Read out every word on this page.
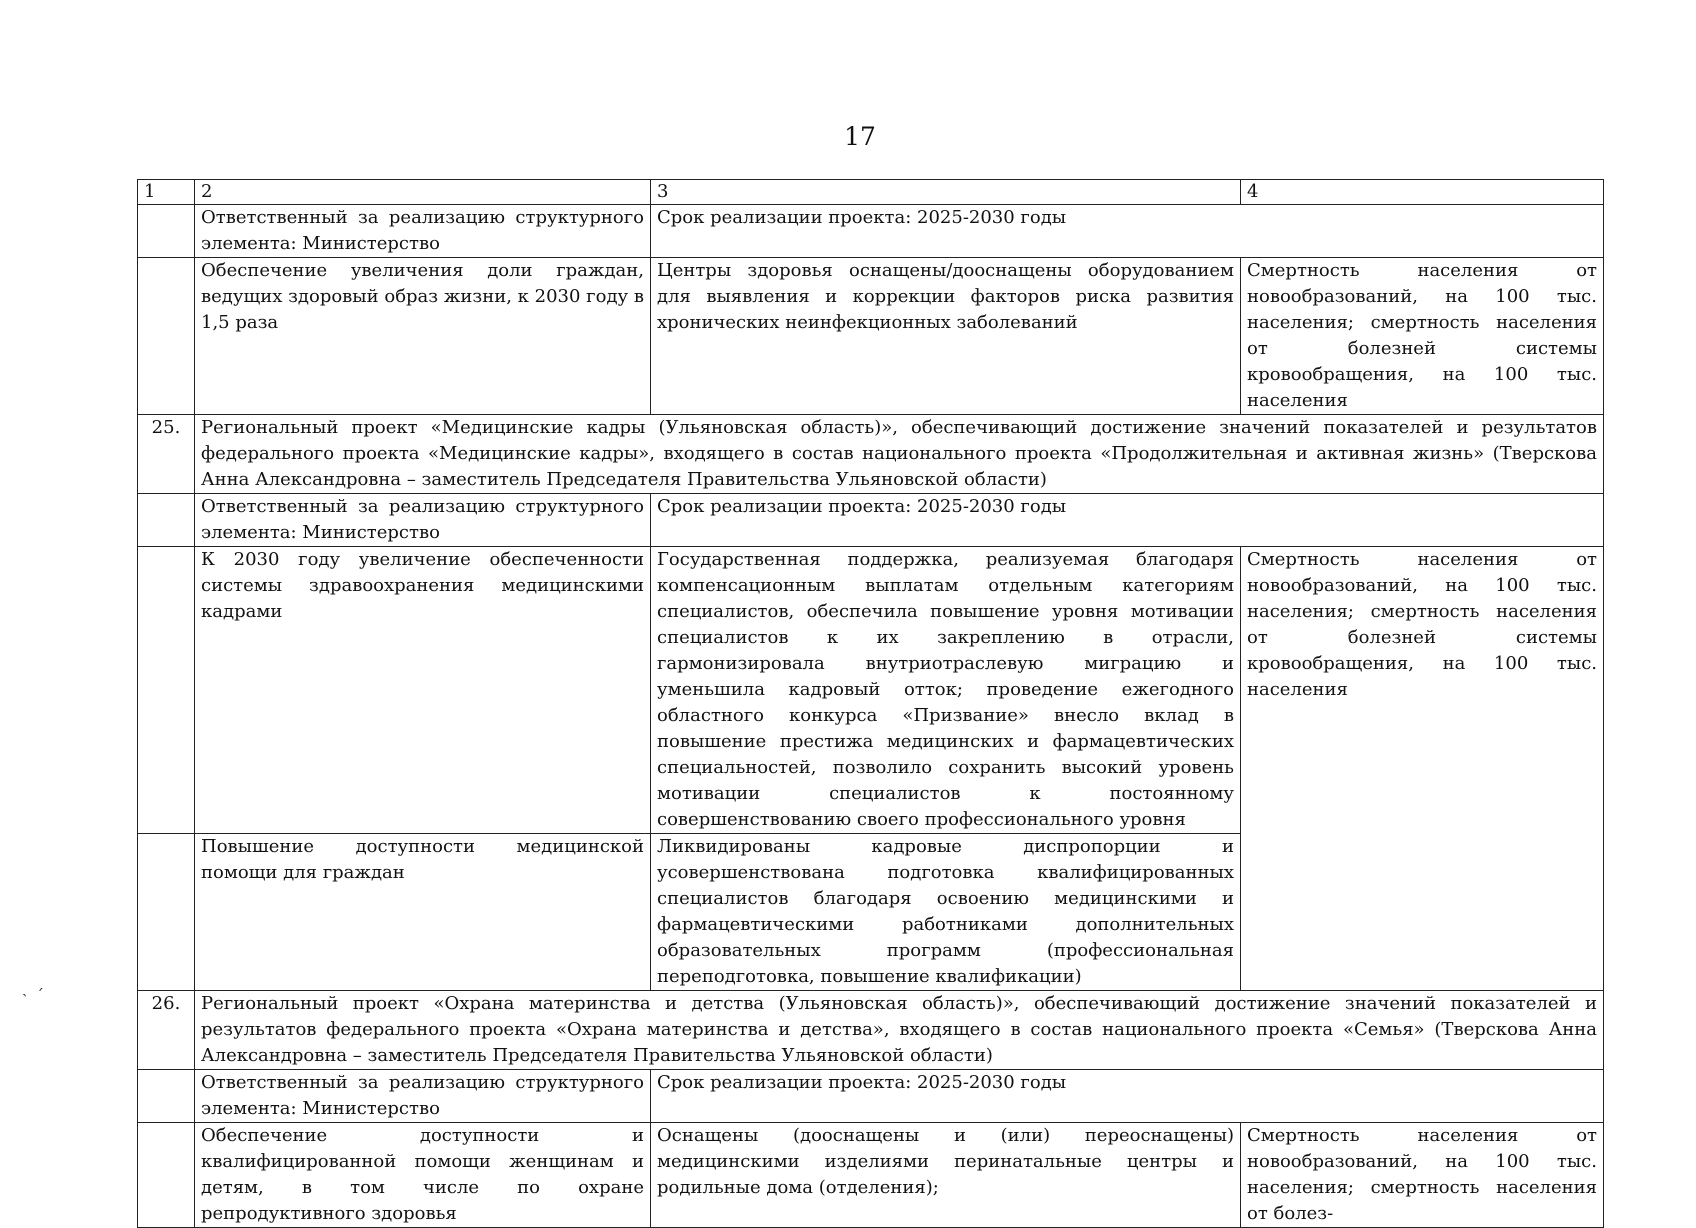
17
1	2	3	4
	Ответственный за реализацию структурного элемента: Министерство	Срок реализации проекта: 2025-2030 годы	
	Обеспечение увеличения доли граждан, ведущих здоровый образ жизни, к 2030 году в 1,5 раза	Центры здоровья оснащены/дооснащены оборудованием для выявления и коррекции факторов риска развития хронических неинфекционных заболеваний	Смертность населения от новообразований, на 100 тыс. населения; смертность населения от болезней системы кровообращения, на 100 тыс. населения
25.	Региональный проект «Медицинские кадры (Ульяновская область)», обеспечивающий достижение значений показателей и результатов федерального проекта «Медицинские кадры», входящего в состав национального проекта «Продолжительная и активная жизнь» (Тверскова Анна Александровна – заместитель Председателя Правительства Ульяновской области)		
	Ответственный за реализацию структурного элемента: Министерство	Срок реализации проекта: 2025-2030 годы	
	К 2030 году увеличение обеспеченности системы здравоохранения медицинскими кадрами	Государственная поддержка, реализуемая благодаря компенсационным выплатам отдельным категориям специалистов, обеспечила повышение уровня мотивации специалистов к их закреплению в отрасли, гармонизировала внутриотраслевую миграцию и уменьшила кадровый отток; проведение ежегодного областного конкурса «Призвание» внесло вклад в повышение престижа медицинских и фармацевтических специальностей, позволило сохранить высокий уровень мотивации специалистов к постоянному совершенствованию своего профессионального уровня	Смертность населения от новообразований, на 100 тыс. населения; смертность населения от болезней системы кровообращения, на 100 тыс. населения
	Повышение доступности медицинской помощи для граждан	Ликвидированы кадровые диспропорции и усовершенствована подготовка квалифицированных специалистов благодаря освоению медицинскими и фармацевтическими работниками дополнительных образовательных программ (профессиональная переподготовка, повышение квалификации)	
26.	Региональный проект «Охрана материнства и детства (Ульяновская область)», обеспечивающий достижение значений показателей и результатов федерального проекта «Охрана материнства и детства», входящего в состав национального проекта «Семья» (Тверскова Анна Александровна – заместитель Председателя Правительства Ульяновской области)		
	Ответственный за реализацию структурного элемента: Министерство	Срок реализации проекта: 2025-2030 годы	
	Обеспечение доступности и квалифицированной помощи женщинам и детям, в том числе по охране репродуктивного здоровья	Оснащены (дооснащены и (или) переоснащены) медицинскими изделиями перинатальные центры и родильные дома (отделения);	Смертность населения от новообразований, на 100 тыс. населения; смертность населения от болез-
ˎ ˊ
